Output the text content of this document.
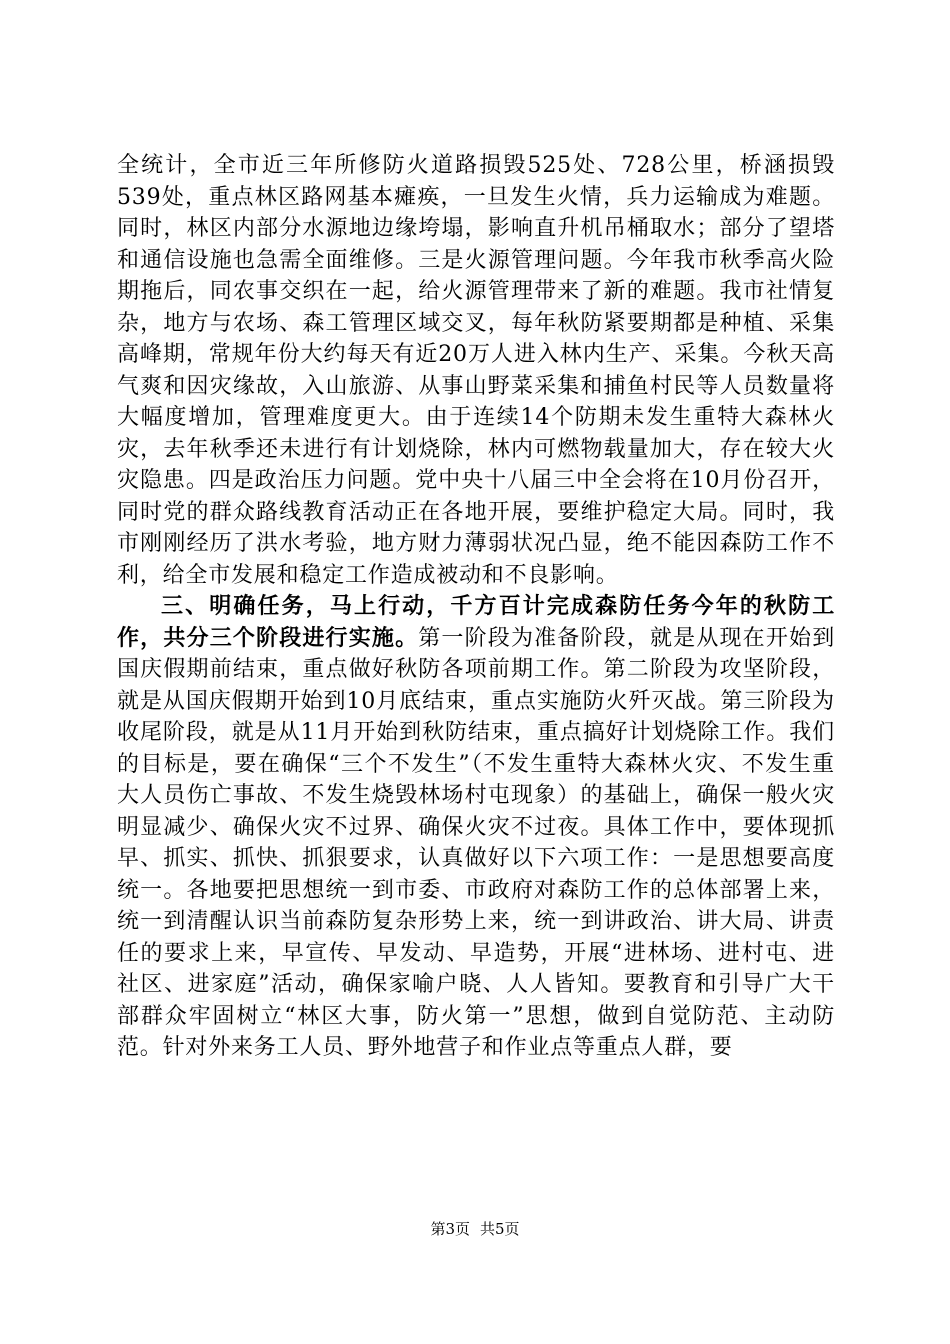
全统计，全市近三年所修防火道路损毁525处、728公里，桥涵损毁539处，重点林区路网基本瘫痪，一旦发生火情，兵力运输成为难题。同时，林区内部分水源地边缘垮塌，影响直升机吊桶取水；部分了望塔和通信设施也急需全面维修。三是火源管理问题。今年我市秋季高火险期拖后，同农事交织在一起，给火源管理带来了新的难题。我市社情复杂，地方与农场、森工管理区域交叉，每年秋防紧要期都是种植、采集高峰期，常规年份大约每天有近20万人进入林内生产、采集。今秋天高气爽和因灾缘故，入山旅游、从事山野菜采集和捕鱼村民等人员数量将大幅度增加，管理难度更大。由于连续14个防期未发生重特大森林火灾，去年秋季还未进行有计划烧除，林内可燃物载量加大，存在较大火灾隐患。四是政治压力问题。党中央十八届三中全会将在10月份召开，同时党的群众路线教育活动正在各地开展，要维护稳定大局。同时，我市刚刚经历了洪水考验，地方财力薄弱状况凸显，绝不能因森防工作不利，给全市发展和稳定工作造成被动和不良影响。

三、明确任务，马上行动，千方百计完成森防任务今年的秋防工作，共分三个阶段进行实施。第一阶段为准备阶段，就是从现在开始到国庆假期前结束，重点做好秋防各项前期工作。第二阶段为攻坚阶段，就是从国庆假期开始到10月底结束，重点实施防火歼灭战。第三阶段为收尾阶段，就是从11月开始到秋防结束，重点搞好计划烧除工作。我们的目标是，要在确保“三个不发生”（不发生重特大森林火灾、不发生重大人员伤亡事故、不发生烧毁林场村屯现象）的基础上，确保一般火灾明显减少、确保火灾不过界、确保火灾不过夜。具体工作中，要体现抓早、抓实、抓快、抓狠要求，认真做好以下六项工作：一是思想要高度统一。各地要把思想统一到市委、市政府对森防工作的总体部署上来，统一到清醒认识当前森防复杂形势上来，统一到讲政治、讲大局、讲责任的要求上来，早宣传、早发动、早造势，开展“进林场、进村屯、进社区、进家庭”活动，确保家喻户晓、人人皆知。要教育和引导广大干部群众牢固树立“林区大事，防火第一”思想，做到自觉防范、主动防范。针对外来务工人员、野外地营子和作业点等重点人群，要

第3页 共5页
